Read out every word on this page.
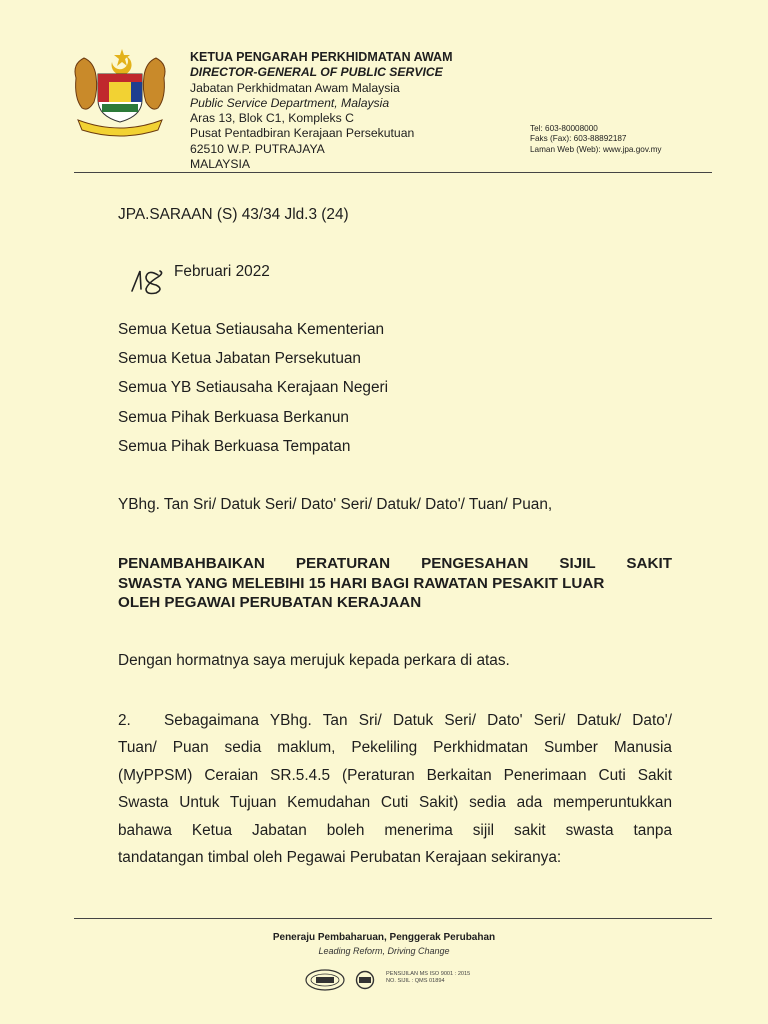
KETUA PENGARAH PERKHIDMATAN AWAM
DIRECTOR-GENERAL OF PUBLIC SERVICE
Jabatan Perkhidmatan Awam Malaysia
Public Service Department, Malaysia
Aras 13, Blok C1, Kompleks C
Pusat Pentadbiran Kerajaan Persekutuan
62510 W.P. PUTRAJAYA
MALAYSIA
Tel: 603-80008000
Faks (Fax): 603-88892187
Laman Web (Web): www.jpa.gov.my
JPA.SARAAN (S) 43/34 Jld.3 (24)
Februari 2022
Semua Ketua Setiausaha Kementerian
Semua Ketua Jabatan Persekutuan
Semua YB Setiausaha Kerajaan Negeri
Semua Pihak Berkuasa Berkanun
Semua Pihak Berkuasa Tempatan
YBhg. Tan Sri/ Datuk Seri/ Dato' Seri/ Datuk/ Dato'/ Tuan/ Puan,
PENAMBAHBAIKAN PERATURAN PENGESAHAN SIJIL SAKIT
SWASTA YANG MELEBIHI 15 HARI BAGI RAWATAN PESAKIT LUAR
OLEH PEGAWAI PERUBATAN KERAJAAN
Dengan hormatnya saya merujuk kepada perkara di atas.
2. Sebagaimana YBhg. Tan Sri/ Datuk Seri/ Dato' Seri/ Datuk/ Dato'/
Tuan/ Puan sedia maklum, Pekeliling Perkhidmatan Sumber Manusia
(MyPPSM) Ceraian SR.5.4.5 (Peraturan Berkaitan Penerimaan Cuti Sakit
Swasta Untuk Tujuan Kemudahan Cuti Sakit) sedia ada memperuntukkan
bahawa Ketua Jabatan boleh menerima sijil sakit swasta tanpa
tandatangan timbal oleh Pegawai Perubatan Kerajaan sekiranya:
Peneraju Pembaharuan, Penggerak Perubahan
Leading Reform, Driving Change
PENSIJILAN MS ISO 9001 : 2015
NO. SIJIL : QMS 01894
